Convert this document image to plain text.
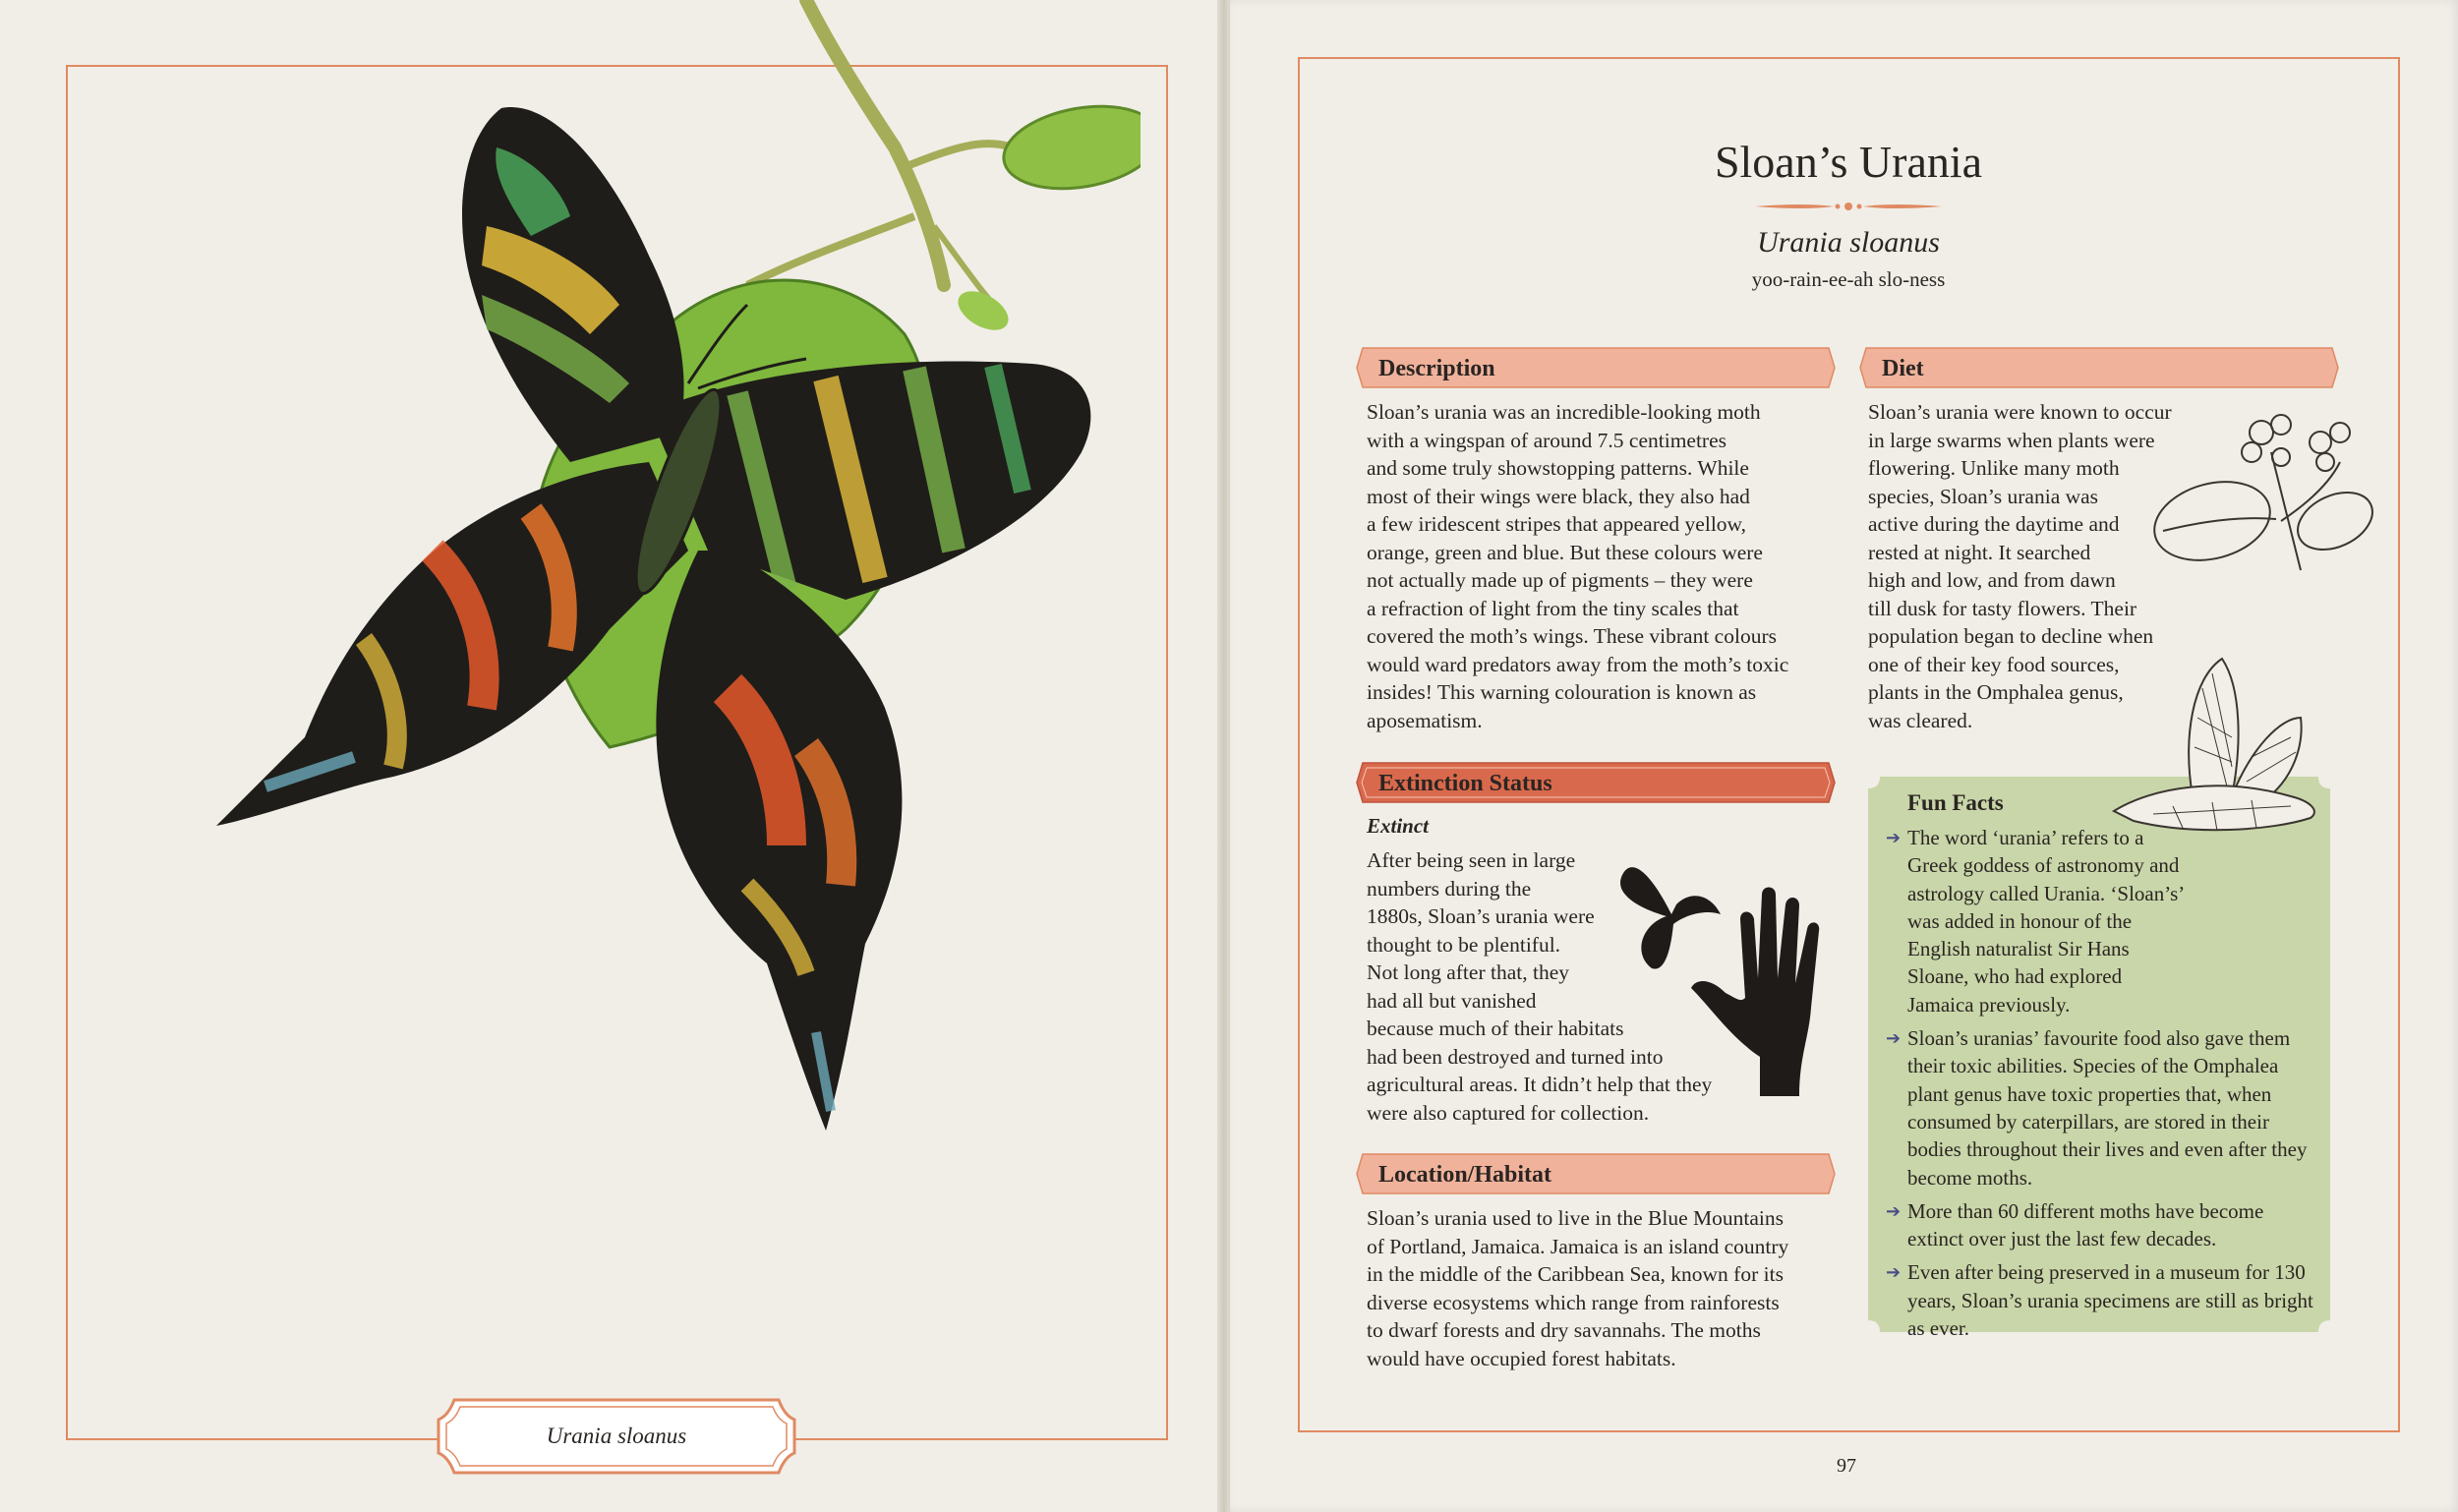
Urania sloanus
Sloan’s Urania
Urania sloanus
yoo-rain-ee-ah slo-ness
Description

Sloan’s urania was an incredible-looking moth

with a wingspan of around 7.5 centimetres

and some truly showstopping patterns. While

most of their wings were black, they also had

a few iridescent stripes that appeared yellow,

orange, green and blue. But these colours were

not actually made up of pigments – they were

a refraction of light from the tiny scales that

covered the moth’s wings. These vibrant colours

would ward predators away from the moth’s toxic

insides! This warning colouration is known as

aposematism.

Diet

Sloan’s urania were known to occur

in large swarms when plants were

flowering. Unlike many moth

species, Sloan’s urania was

active during the daytime and

rested at night. It searched

high and low, and from dawn

till dusk for tasty flowers. Their

population began to decline when

one of their key food sources,

plants in the Omphalea genus,

was cleared.

Extinction Status
Extinct

After being seen in large

numbers during the

1880s, Sloan’s urania were

thought to be plentiful.

Not long after that, they

had all but vanished

because much of their habitats

had been destroyed and turned into

agricultural areas. It didn’t help that they

were also captured for collection.

Location/Habitat

Sloan’s urania used to live in the Blue Mountains

of Portland, Jamaica. Jamaica is an island country

in the middle of the Caribbean Sea, known for its

diverse ecosystems which range from rainforests

to dwarf forests and dry savannahs. The moths

would have occupied forest habitats.

Fun Facts
➔ The word ‘urania’ refers to a Greek goddess of astronomy and astrology called Urania. ‘Sloan’s’ was added in honour of the English naturalist Sir Hans Sloane, who had explored Jamaica previously.
➔ Sloan’s uranias’ favourite food also gave them their toxic abilities. Species of the Omphalea plant genus have toxic properties that, when consumed by caterpillars, are stored in their bodies throughout their lives and even after they become moths.
➔ More than 60 different moths have become extinct over just the last few decades.
➔ Even after being preserved in a museum for 130 years, Sloan’s urania specimens are still as bright as ever.
97
